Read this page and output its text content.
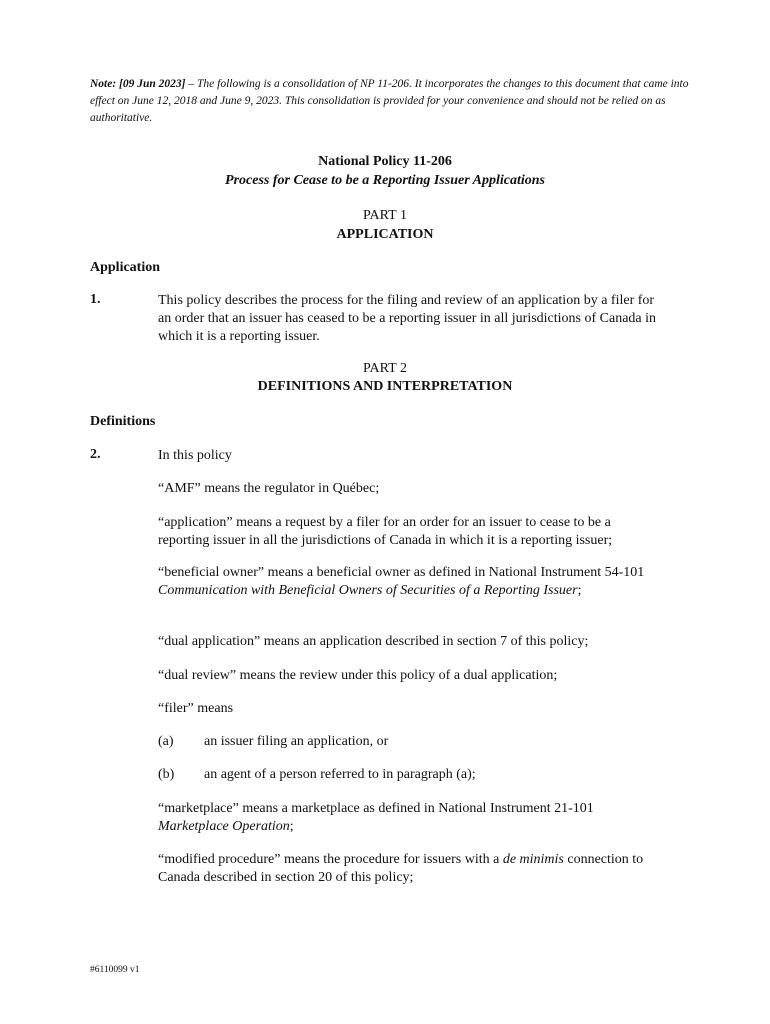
Note: [09 Jun 2023] – The following is a consolidation of NP 11-206. It incorporates the changes to this document that came into effect on June 12, 2018 and June 9, 2023. This consolidation is provided for your convenience and should not be relied on as authoritative.
National Policy 11-206
Process for Cease to be a Reporting Issuer Applications
PART 1
APPLICATION
Application
1.	This policy describes the process for the filing and review of an application by a filer for an order that an issuer has ceased to be a reporting issuer in all jurisdictions of Canada in which it is a reporting issuer.
PART 2
DEFINITIONS AND INTERPRETATION
Definitions
2.	In this policy
“AMF” means the regulator in Québec;
“application” means a request by a filer for an order for an issuer to cease to be a reporting issuer in all the jurisdictions of Canada in which it is a reporting issuer;
“beneficial owner” means a beneficial owner as defined in National Instrument 54-101 Communication with Beneficial Owners of Securities of a Reporting Issuer;
“dual application” means an application described in section 7 of this policy;
“dual review” means the review under this policy of a dual application;
“filer” means
(a) an issuer filing an application, or
(b) an agent of a person referred to in paragraph (a);
“marketplace” means a marketplace as defined in National Instrument 21-101 Marketplace Operation;
“modified procedure” means the procedure for issuers with a de minimis connection to Canada described in section 20 of this policy;
#6110099 v1
